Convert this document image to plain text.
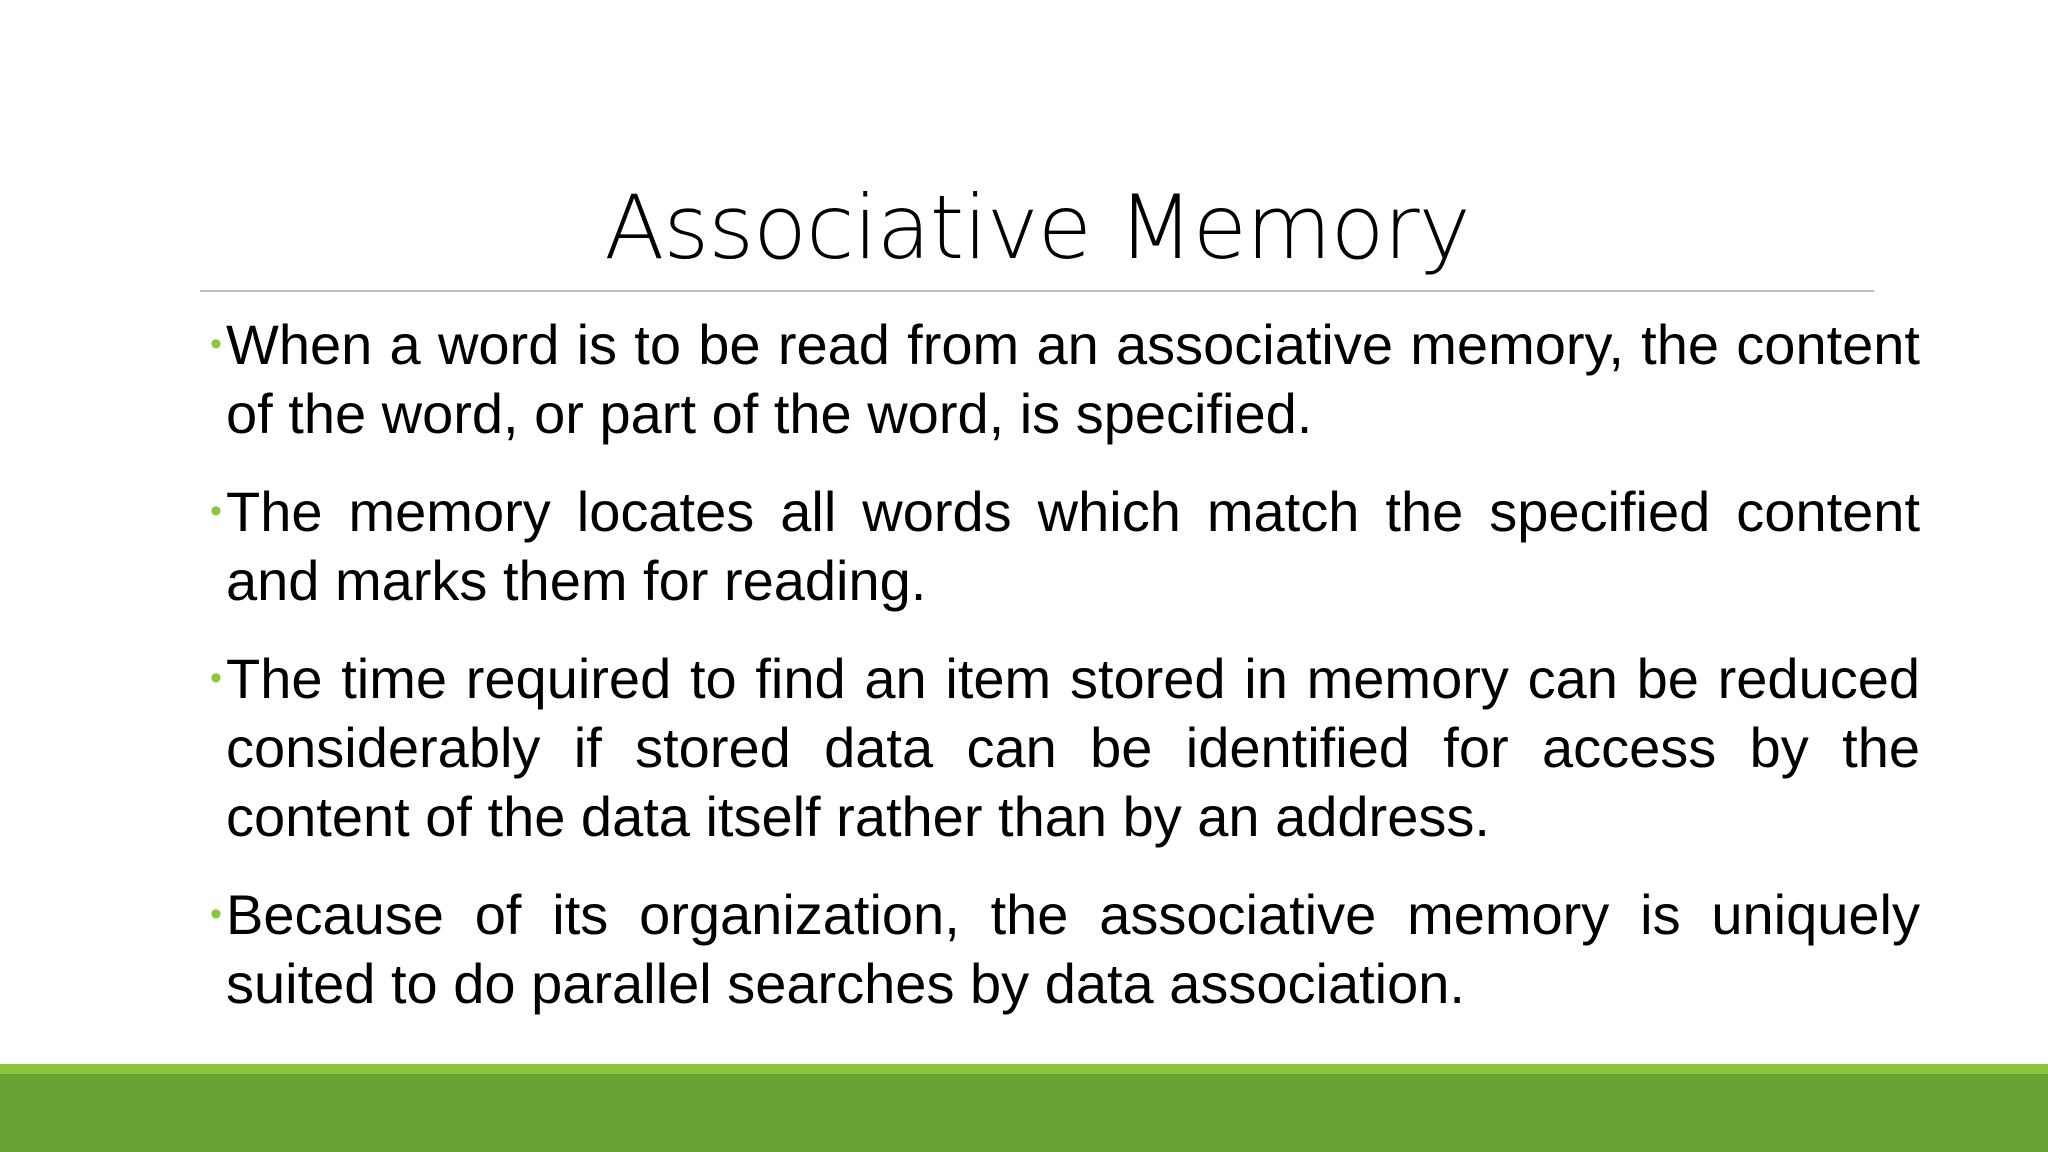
Associative Memory
• When a word is to be read from an associative memory, the content of the word, or part of the word, is specified.
• The memory locates all words which match the specified content and marks them for reading.
• The time required to find an item stored in memory can be reduced considerably if stored data can be identified for access by the content of the data itself rather than by an address.
• Because of its organization, the associative memory is uniquely suited to do parallel searches by data association.
